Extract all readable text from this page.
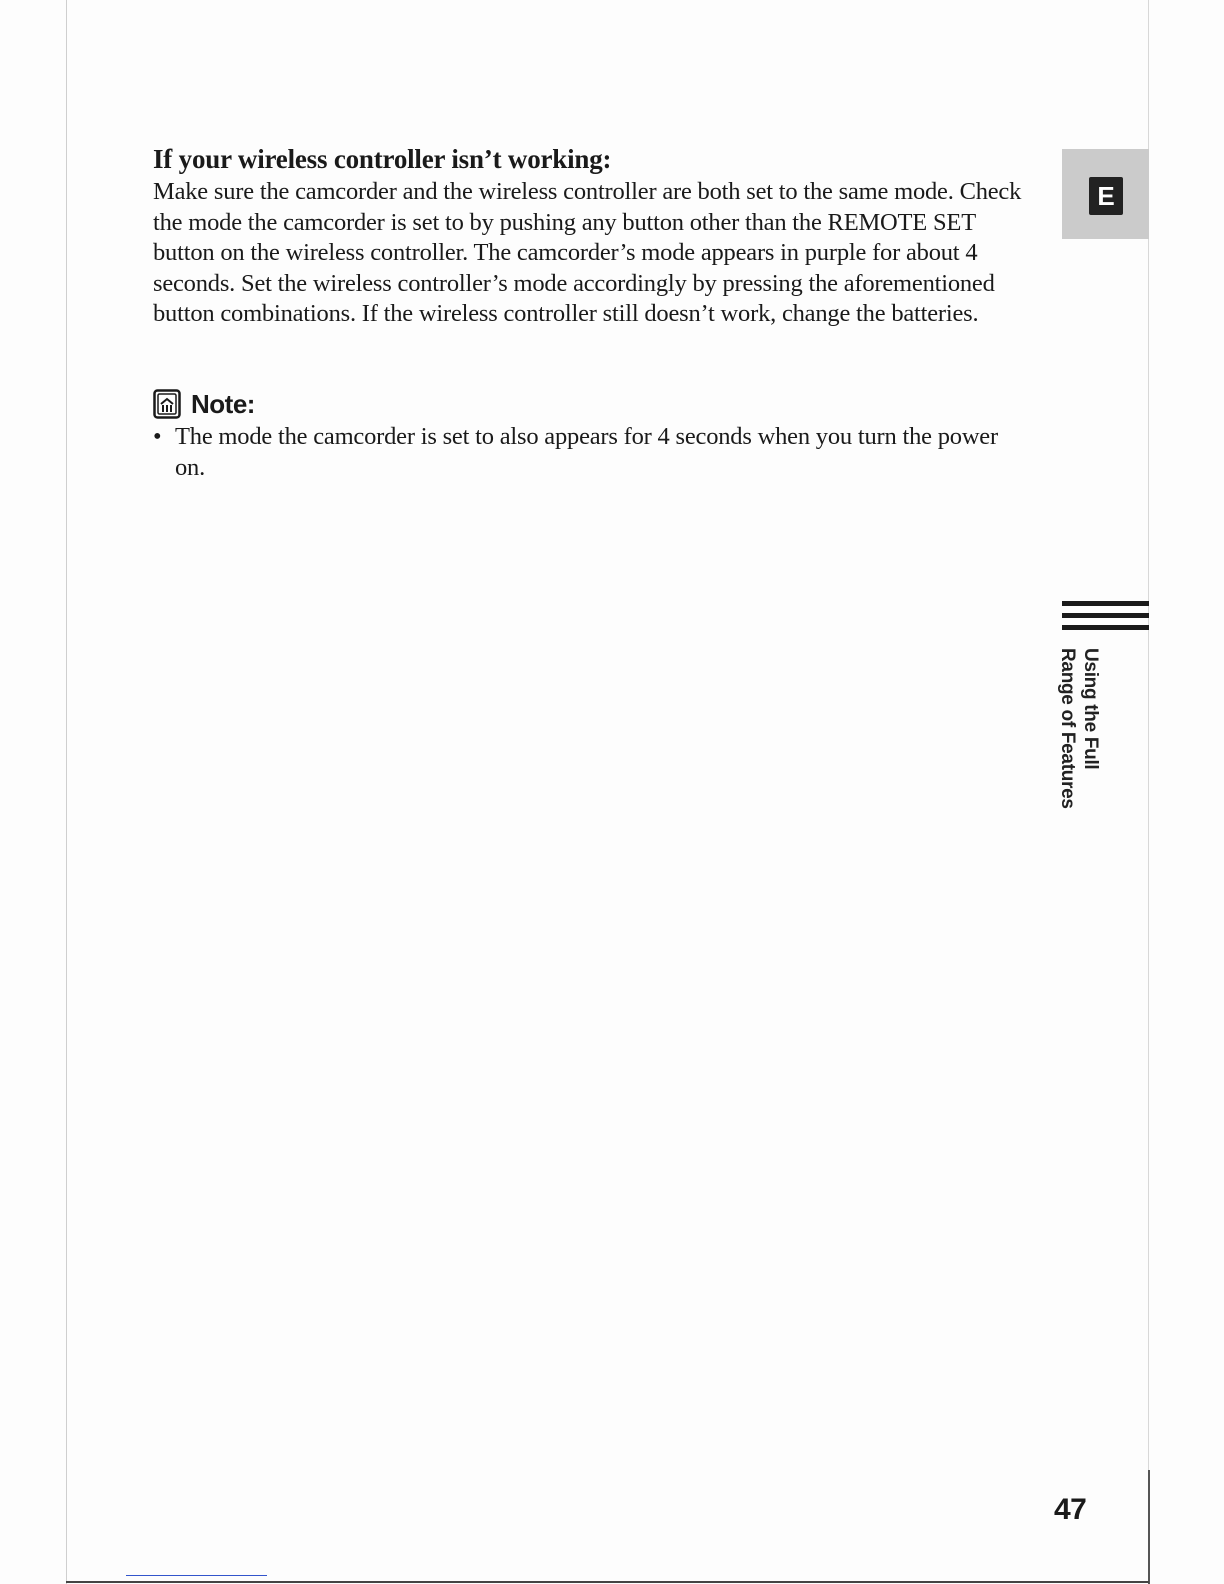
If your wireless controller isn’t working:

Make sure the camcorder and the wireless controller are both set to the same mode. Check the mode the camcorder is set to by pushing any button other than the REMOTE SET button on the wireless controller. The camcorder’s mode appears in purple for about 4 seconds. Set the wireless controller’s mode accordingly by pressing the aforementioned button combinations. If the wireless controller still doesn’t work, change the batteries.

Note:
• The mode the camcorder is set to also appears for 4 seconds when you turn the power on.
E
Using the Full
Range of Features
47
